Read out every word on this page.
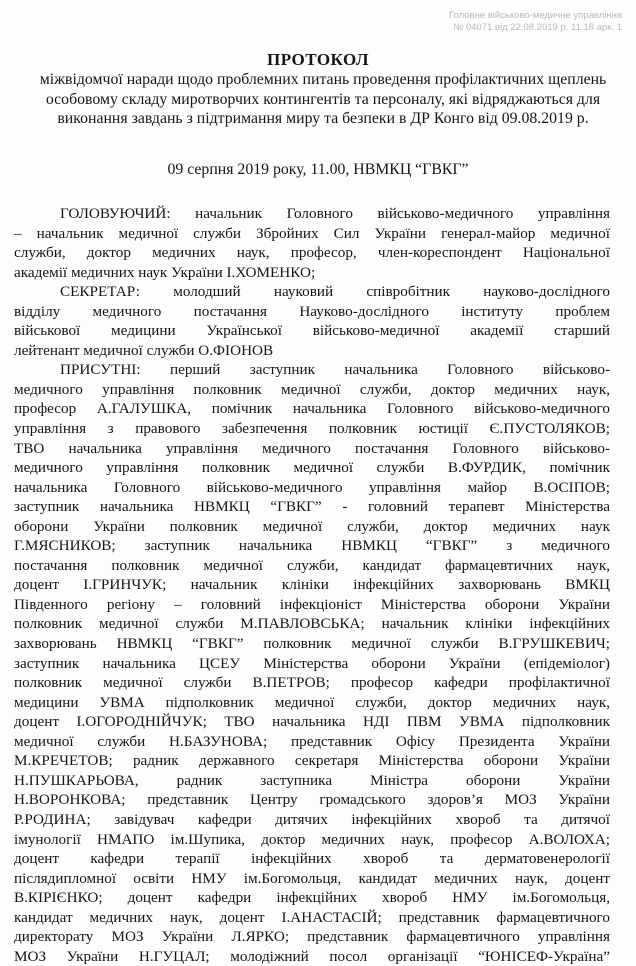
Головне військово-медичне управління
№ 04071 від 22.08.2019 р. 11:18 арк. 1
ПРОТОКОЛ
міжвідомчої наради щодо проблемних питань проведення профілактичних щеплень особовому складу миротворчих контингентів та персоналу, які відряджаються для виконання завдань з підтримання миру та безпеки в ДР Конго від 09.08.2019 р.
09 серпня 2019 року, 11.00, НВМКЦ “ГВКГ”
ГОЛОВУЮЧИЙ: начальник Головного військово-медичного управління
– начальник медичної служби Збройних Сил України генерал-майор медичної
служби, доктор медичних наук, професор, член-кореспондент Національної
академії медичних наук України І.ХОМЕНКО;
СЕКРЕТАР: молодший науковий співробітник науково-дослідного
відділу медичного постачання Науково-дослідного інституту проблем
військової медицини Української військово-медичної академії старший
лейтенант медичної служби О.ФІОНОВ
ПРИСУТНІ: перший заступник начальника Головного військово-
медичного управління полковник медичної служби, доктор медичних наук,
професор А.ГАЛУШКА, помічник начальника Головного військово-медичного
управління з правового забезпечення полковник юстиції Є.ПУСТОЛЯКОВ;
ТВО начальника управління медичного постачання Головного військово-
медичного управління полковник медичної служби В.ФУРДИК, помічник
начальника Головного військово-медичного управління майор В.ОСІПОВ;
заступник начальника НВМКЦ “ГВКГ” - головний терапевт Міністерства
оборони України полковник медичної служби, доктор медичних наук
Г.МЯСНИКОВ; заступник начальника НВМКЦ “ГВКГ” з медичного
постачання полковник медичної служби, кандидат фармацевтичних наук,
доцент І.ГРИНЧУК; начальник клініки інфекційних захворювань ВМКЦ
Південного регіону – головний інфекціоніст Міністерства оборони України
полковник медичної служби М.ПАВЛОВСЬКА; начальник клініки інфекційних
захворювань НВМКЦ “ГВКГ” полковник медичної служби В.ГРУШКЕВИЧ;
заступник начальника ЦСЕУ Міністерства оборони України (епідеміолог)
полковник медичної служби В.ПЕТРОВ; професор кафедри профілактичної
медицини УВМА підполковник медичної служби, доктор медичних наук,
доцент І.ОГОРОДНІЙЧУК; ТВО начальника НДІ ПВМ УВМА підполковник
медичної служби Н.БАЗУНОВА; представник Офісу Президента України
М.КРЕЧЕТОВ; радник державного секретаря Міністерства оборони України
Н.ПУШКАРЬОВА, радник заступника Міністра оборони України
Н.ВОРОНКОВА; представник Центру громадського здоров’я МОЗ України
Р.РОДИНА; завідувач кафедри дитячих інфекційних хвороб та дитячої
імунології НМАПО ім.Шупика, доктор медичних наук, професор А.ВОЛОХА;
доцент кафедри терапії інфекційних хвороб та дерматовенерології
післядипломної освіти НМУ ім.Богомольця, кандидат медичних наук, доцент
В.КІРІЄНКО; доцент кафедри інфекційних хвороб НМУ ім.Богомольця,
кандидат медичних наук, доцент І.АНАСТАСІЙ; представник фармацевтичного
директорату МОЗ України Л.ЯРКО; представник фармацевтичного управління
МОЗ України Н.ГУЦАЛ; молодіжний посол організації “ЮНІСЕФ-Україна”
